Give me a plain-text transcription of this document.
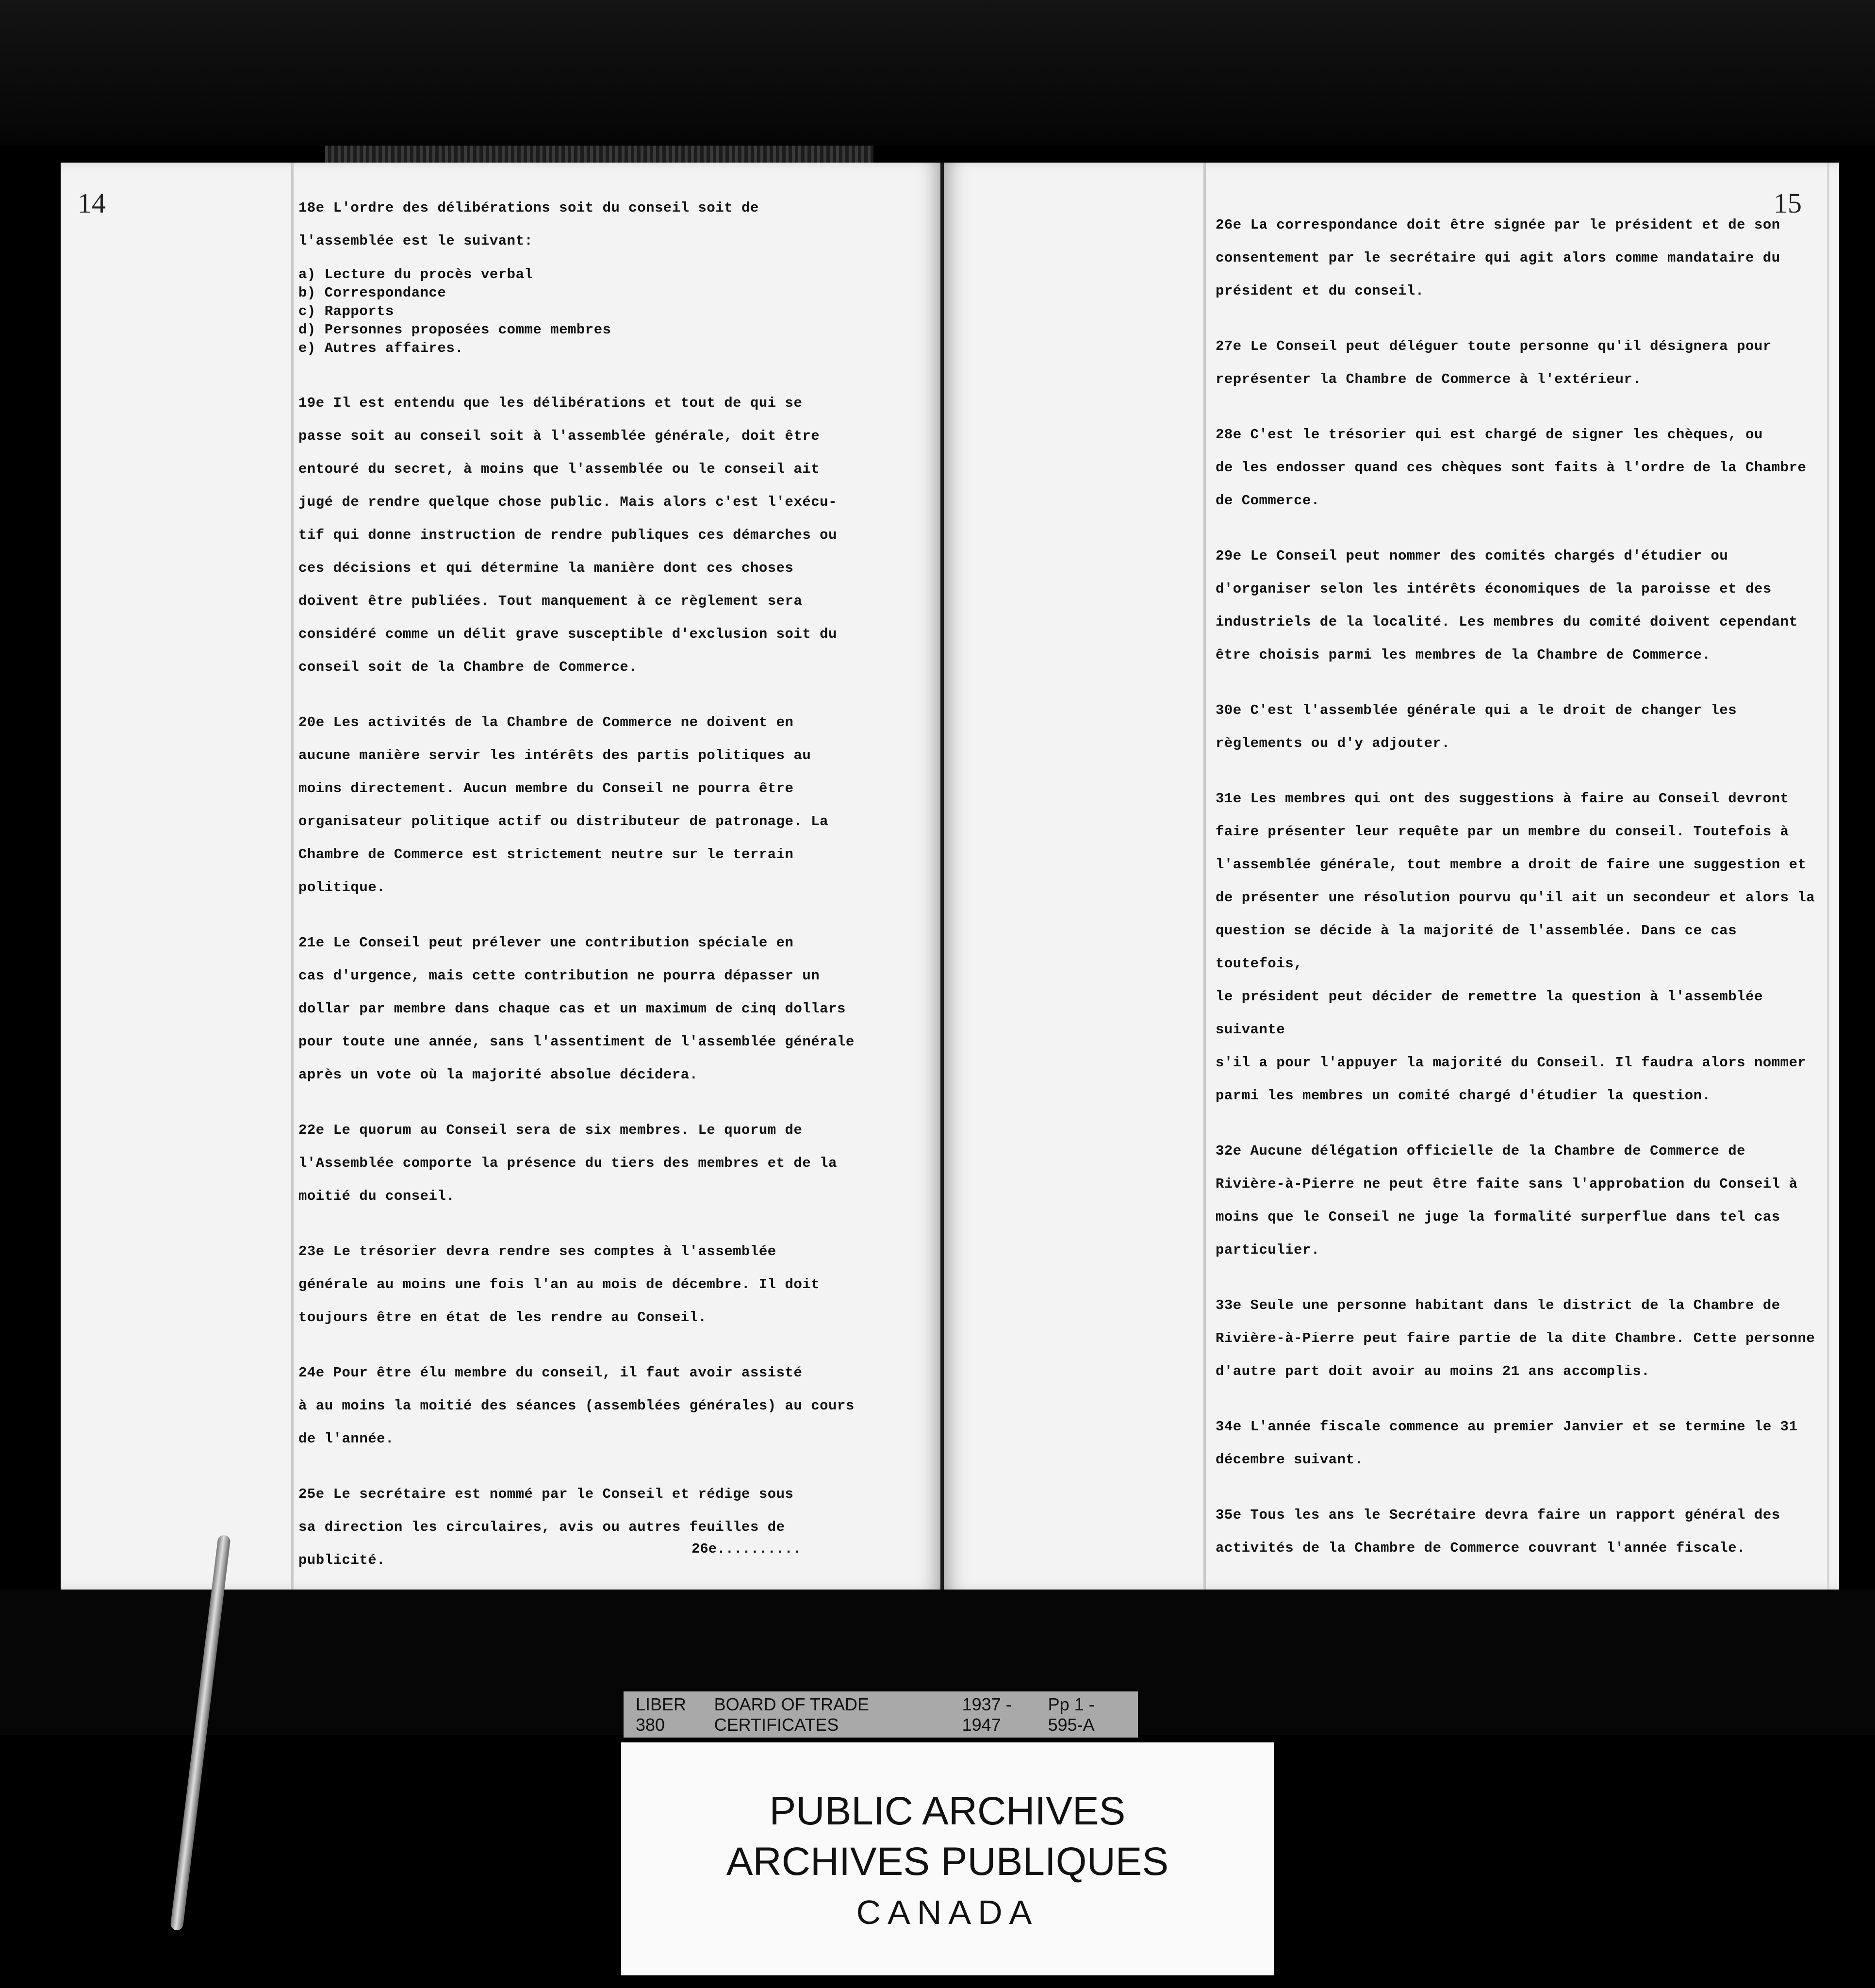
14	18e L'ordre des délibérations soit du conseil soit de
l'assemblée est le suivant:

a) Lecture du procès verbal
b) Correspondance
c) Rapports
d) Personnes proposées comme membres
e) Autres affaires.

19e Il est entendu que les délibérations et tout de qui se
passe soit au conseil soit à l'assemblée générale, doit être
entouré du secret, à moins que l'assemblée ou le conseil ait
jugé de rendre quelque chose public. Mais alors c'est l'exécu-
tif qui donne instruction de rendre publiques ces démarches ou
ces décisions et qui détermine la manière dont ces choses
doivent être publiées. Tout manquement à ce règlement sera
considéré comme un délit grave susceptible d'exclusion soit du
conseil soit de la Chambre de Commerce.

20e Les activités de la Chambre de Commerce ne doivent en
aucune manière servir les intérêts des partis politiques au
moins directement. Aucun membre du Conseil ne pourra être
organisateur politique actif ou distributeur de patronage. La
Chambre de Commerce est strictement neutre sur le terrain
politique.

21e Le Conseil peut prélever une contribution spéciale en
cas d'urgence, mais cette contribution ne pourra dépasser un
dollar par membre dans chaque cas et un maximum de cinq dollars
pour toute une année, sans l'assentiment de l'assemblée générale
après un vote où la majorité absolue décidera.

22e Le quorum au Conseil sera de six membres. Le quorum de
l'Assemblée comporte la présence du tiers des membres et de la
moitié du conseil.

23e Le trésorier devra rendre ses comptes à l'assemblée
générale au moins une fois l'an au mois de décembre. Il doit
toujours être en état de les rendre au Conseil.

24e Pour être élu membre du conseil, il faut avoir assisté
à au moins la moitié des séances (assemblées générales) au cours
de l'année.

25e Le secrétaire est nommé par le Conseil et rédige sous
sa direction les circulaires, avis ou autres feuilles de
publicité.

26e..........
15

26e La correspondance doit être signée par le président et de son
consentement par le secrétaire qui agit alors comme mandataire du
président et du conseil.

27e Le Conseil peut déléguer toute personne qu'il désignera pour
représenter la Chambre de Commerce à l'extérieur.

28e C'est le trésorier qui est chargé de signer les chèques, ou
de les endosser quand ces chèques sont faits à l'ordre de la Chambre
de Commerce.

29e Le Conseil peut nommer des comités chargés d'étudier ou
d'organiser selon les intérêts économiques de la paroisse et des
industriels de la localité. Les membres du comité doivent cependant
être choisis parmi les membres de la Chambre de Commerce.

30e C'est l'assemblée générale qui a le droit de changer les
règlements ou d'y adjouter.

31e Les membres qui ont des suggestions à faire au Conseil devront
faire présenter leur requête par un membre du conseil. Toutefois à
l'assemblée générale, tout membre a droit de faire une suggestion et
de présenter une résolution pourvu qu'il ait un secondeur et alors la
question se décide à la majorité de l'assemblée. Dans ce cas toutefois,
le président peut décider de remettre la question à l'assemblée suivante
s'il a pour l'appuyer la majorité du Conseil. Il faudra alors nommer
parmi les membres un comité chargé d'étudier la question.

32e Aucune délégation officielle de la Chambre de Commerce de
Rivière-à-Pierre ne peut être faite sans l'approbation du Conseil à
moins que le Conseil ne juge la formalité surperflue dans tel cas
particulier.

33e Seule une personne habitant dans le district de la Chambre de
Rivière-à-Pierre peut faire partie de la dite Chambre. Cette personne
d'autre part doit avoir au moins 21 ans accomplis.

34e L'année fiscale commence au premier Janvier et se termine le 31
décembre suivant.

35e Tous les ans le Secrétaire devra faire un rapport général des
activités de la Chambre de Commerce couvrant l'année fiscale.

LIBER 380
BOARD OF TRADE CERTIFICATES
1937 - 1947
Pp 1 - 595-A
PUBLIC ARCHIVES
ARCHIVES PUBLIQUES
CANADA
